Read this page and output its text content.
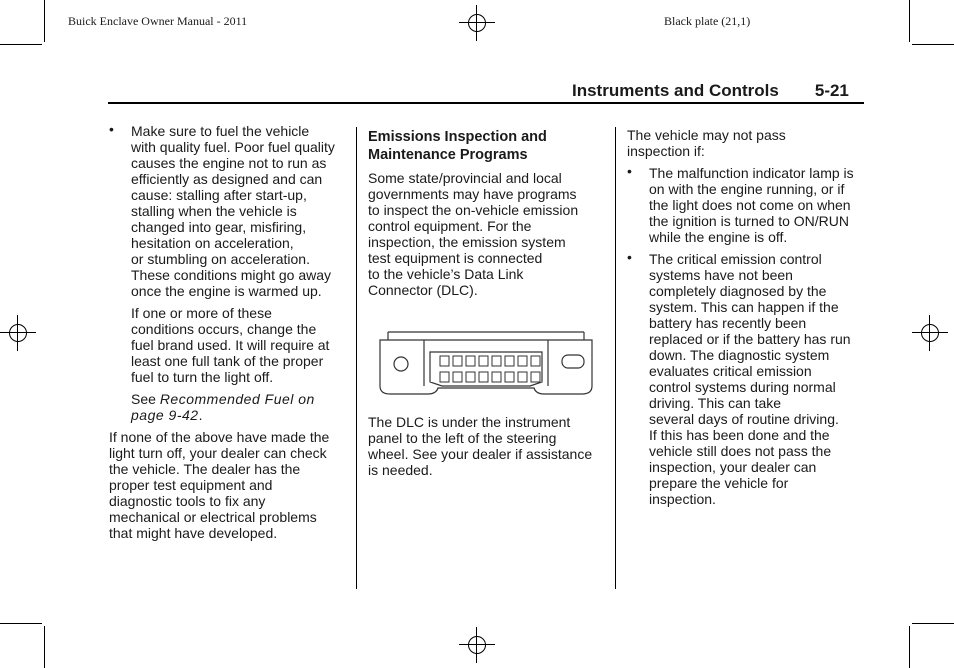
Buick Enclave Owner Manual - 2011	Black plate (21,1)
Instruments and Controls 5-21
• Make sure to fuel the vehicle
with quality fuel. Poor fuel quality
causes the engine not to run as
efficiently as designed and can
cause: stalling after start-up,
stalling when the vehicle is
changed into gear, misfiring,
hesitation on acceleration,
or stumbling on acceleration.
These conditions might go away
once the engine is warmed up.
If one or more of these
conditions occurs, change the
fuel brand used. It will require at
least one full tank of the proper
fuel to turn the light off.
See Recommended Fuel on
page 9-42.
If none of the above have made the
light turn off, your dealer can check
the vehicle. The dealer has the
proper test equipment and
diagnostic tools to fix any
mechanical or electrical problems
that might have developed.
Emissions Inspection and
Maintenance Programs
Some state/provincial and local
governments may have programs
to inspect the on-vehicle emission
control equipment. For the
inspection, the emission system
test equipment is connected
to the vehicle’s Data Link
Connector (DLC).
The DLC is under the instrument
panel to the left of the steering
wheel. See your dealer if assistance
is needed.
The vehicle may not pass
inspection if:
• The malfunction indicator lamp is
on with the engine running, or if
the light does not come on when
the ignition is turned to ON/RUN
while the engine is off.
• The critical emission control
systems have not been
completely diagnosed by the
system. This can happen if the
battery has recently been
replaced or if the battery has run
down. The diagnostic system
evaluates critical emission
control systems during normal
driving. This can take
several days of routine driving.
If this has been done and the
vehicle still does not pass the
inspection, your dealer can
prepare the vehicle for
inspection.
